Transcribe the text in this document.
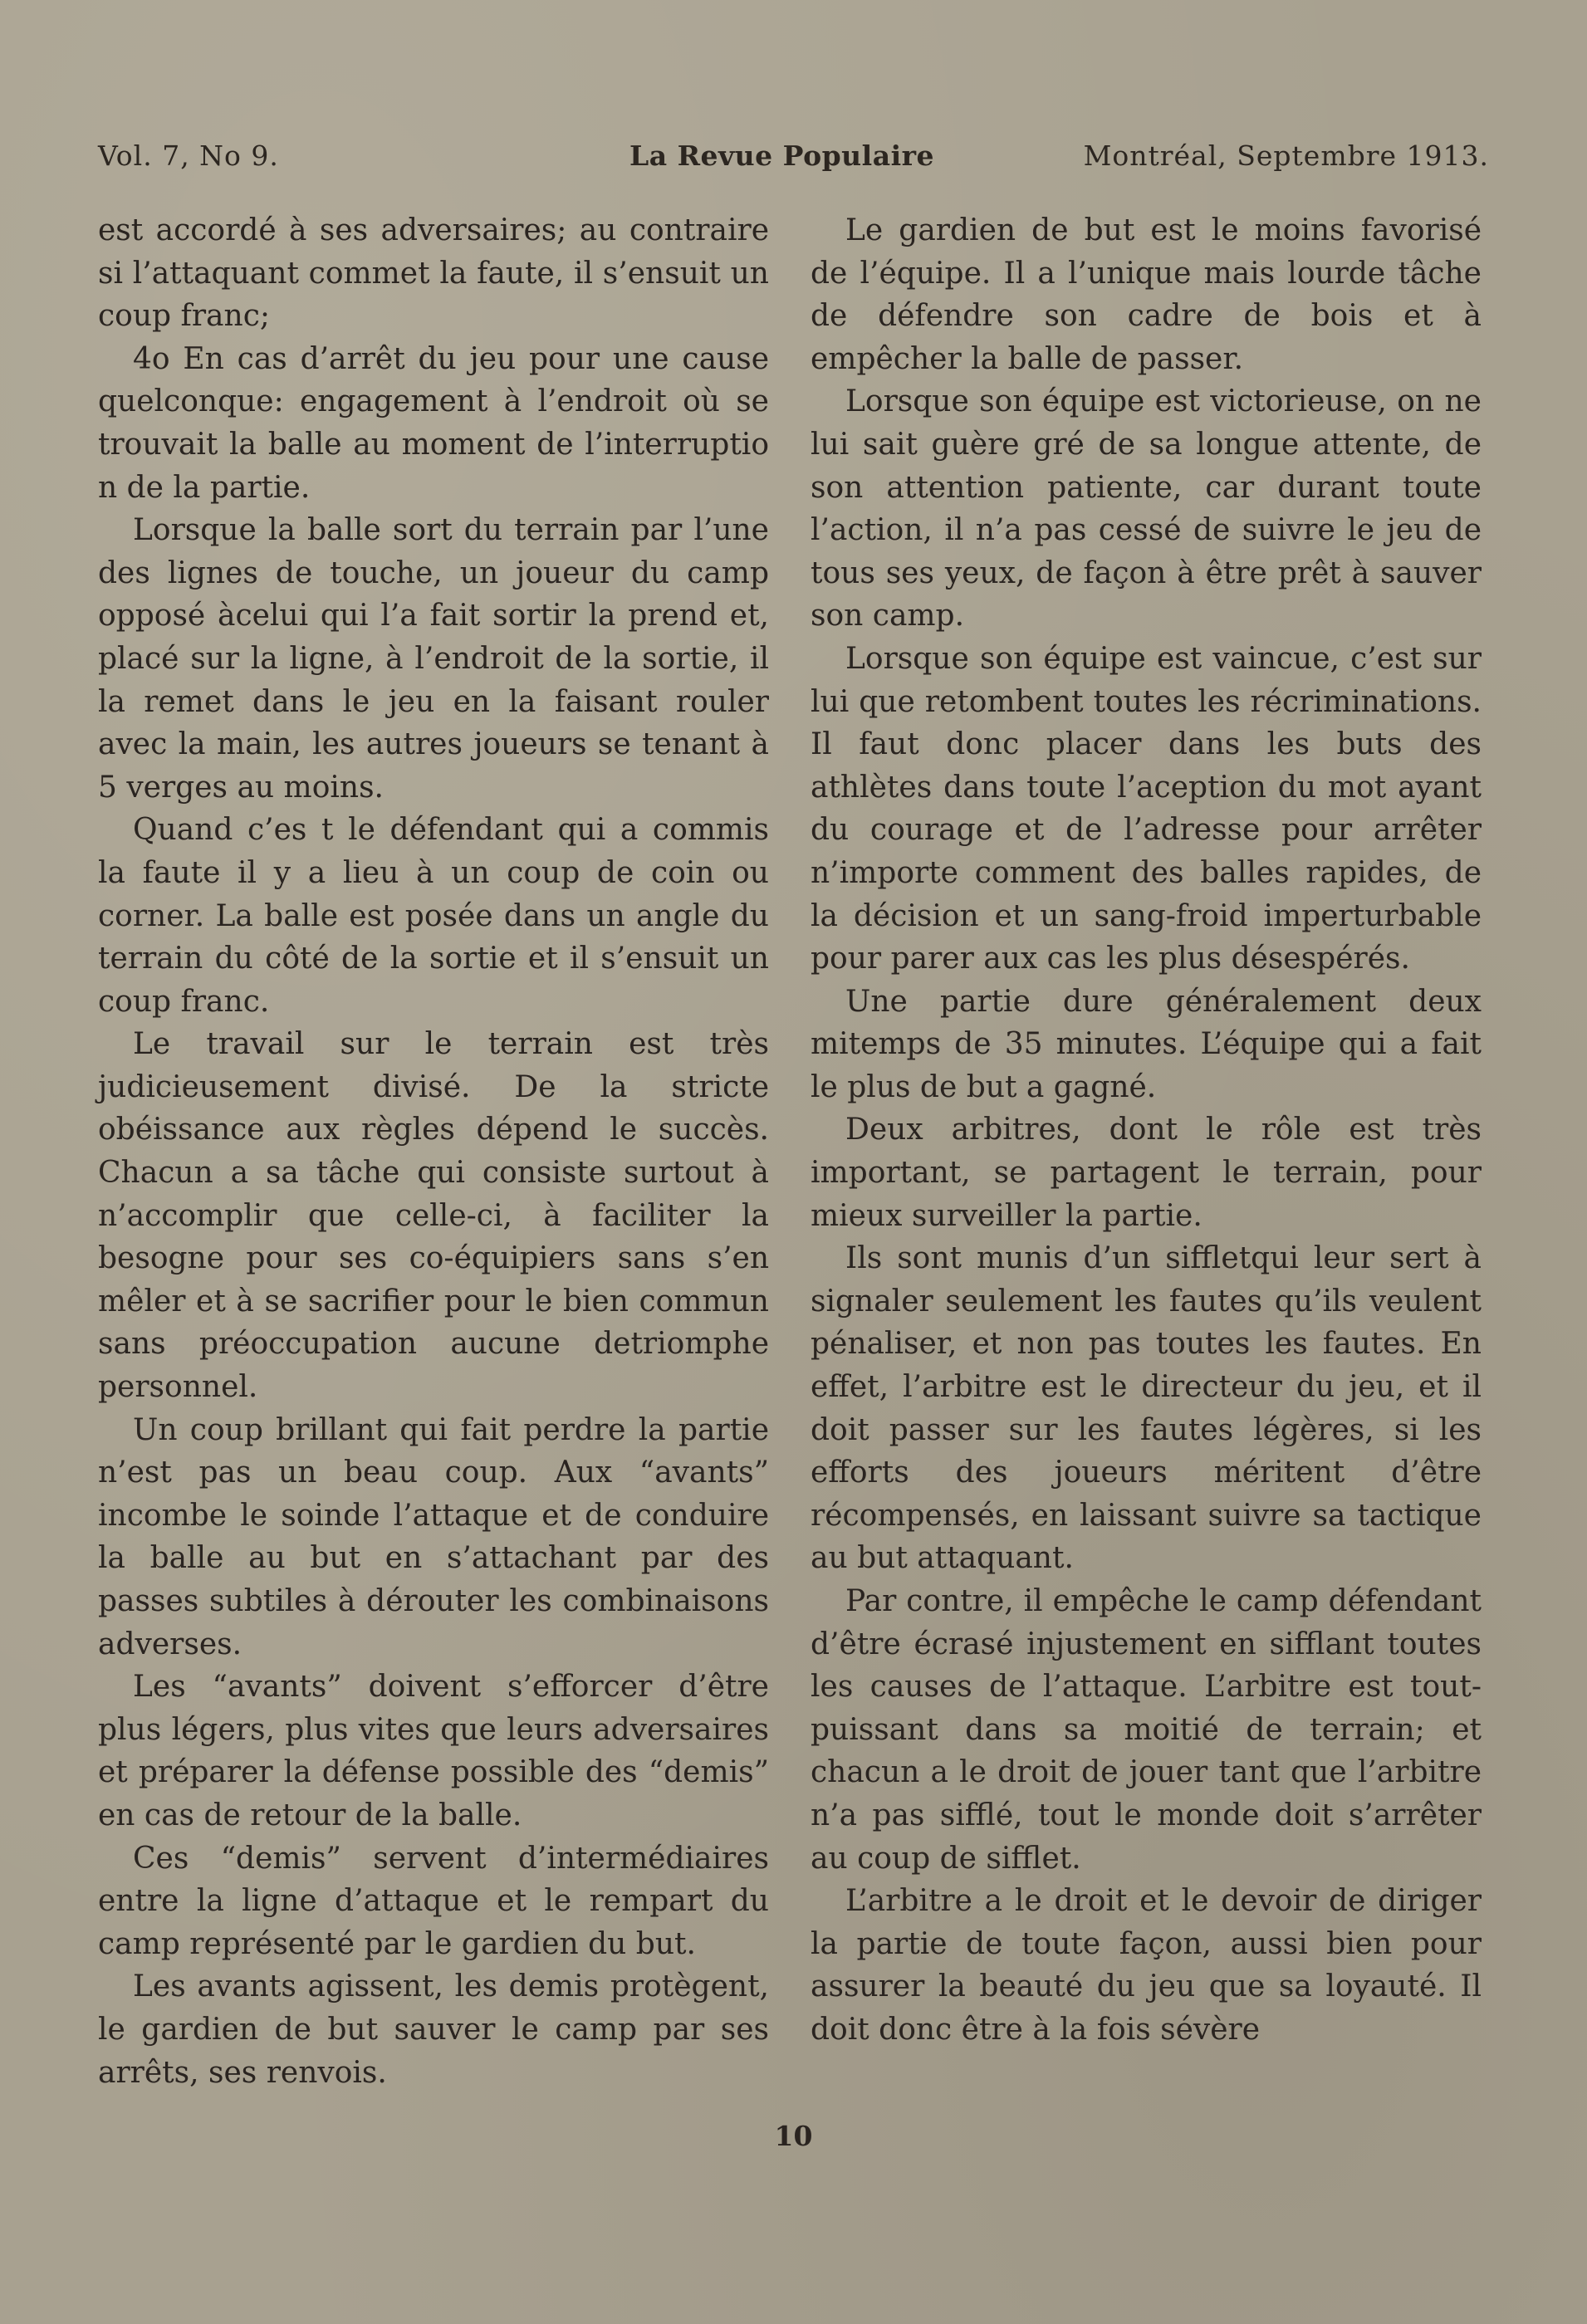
Vol. 7, No 9.	La Revue Populaire	Montréal, Septembre 1913.

est accordé à ses adversaires; au contraire si l’attaquant commet la faute, il s’ensuit un coup franc;

4o En cas d’arrêt du jeu pour une cause quelconque: engagement à l’endroit où se trouvait la balle au moment de l’interruptio n de la partie.

Lorsque la balle sort du terrain par l’une des lignes de touche, un joueur du camp opposé àcelui qui l’a fait sortir la prend et, placé sur la ligne, à l’endroit de la sortie, il la remet dans le jeu en la faisant rouler avec la main, les autres joueurs se tenant à 5 verges au moins.

Quand c’es t le défendant qui a commis la faute il y a lieu à un coup de coin ou corner. La balle est posée dans un angle du terrain du côté de la sortie et il s’ensuit un coup franc.

Le travail sur le terrain est très judicieusement divisé. De la stricte obéissance aux règles dépend le succès. Chacun a sa tâche qui consiste surtout à n’accomplir que celle-ci, à faciliter la besogne pour ses co-équipiers sans s’en mêler et à se sacrifier pour le bien commun sans préoccupation aucune detriomphe personnel.

Un coup brillant qui fait perdre la partie n’est pas un beau coup. Aux “avants” incombe le soinde l’attaque et de conduire la balle au but en s’attachant par des passes subtiles à dérouter les combinaisons adverses.

Les “avants” doivent s’efforcer d’être plus légers, plus vites que leurs adversaires et préparer la défense possible des “demis” en cas de retour de la balle.

Ces “demis” servent d’intermédiaires entre la ligne d’attaque et le rempart du camp représenté par le gardien du but.

Les avants agissent, les demis protègent, le gardien de but sauver le camp par ses arrêts, ses renvois.

Le gardien de but est le moins favorisé de l’équipe. Il a l’unique mais lourde tâche de défendre son cadre de bois et à empêcher la balle de passer.

Lorsque son équipe est victorieuse, on ne lui sait guère gré de sa longue attente, de son attention patiente, car durant toute l’action, il n’a pas cessé de suivre le jeu de tous ses yeux, de façon à être prêt à sauver son camp.

Lorsque son équipe est vaincue, c’est sur lui que retombent toutes les récriminations. Il faut donc placer dans les buts des athlètes dans toute l’aception du mot ayant du courage et de l’adresse pour arrêter n’importe comment des balles rapides, de la décision et un sang-froid imperturbable pour parer aux cas les plus désespérés.

Une partie dure généralement deux mitemps de 35 minutes. L’équipe qui a fait le plus de but a gagné.

Deux arbitres, dont le rôle est très important, se partagent le terrain, pour mieux surveiller la partie.

Ils sont munis d’un siffletqui leur sert à signaler seulement les fautes qu’ils veulent pénaliser, et non pas toutes les fautes. En effet, l’arbitre est le directeur du jeu, et il doit passer sur les fautes légères, si les efforts des joueurs méritent d’être récompensés, en laissant suivre sa tactique au but attaquant.

Par contre, il empêche le camp défendant d’être écrasé injustement en sifflant toutes les causes de l’attaque. L’arbitre est tout-puissant dans sa moitié de terrain; et chacun a le droit de jouer tant que l’arbitre n’a pas sifflé, tout le monde doit s’arrêter au coup de sifflet.

L’arbitre a le droit et le devoir de diriger la partie de toute façon, aussi bien pour assurer la beauté du jeu que sa loyauté. Il doit donc être à la fois sévère

10
